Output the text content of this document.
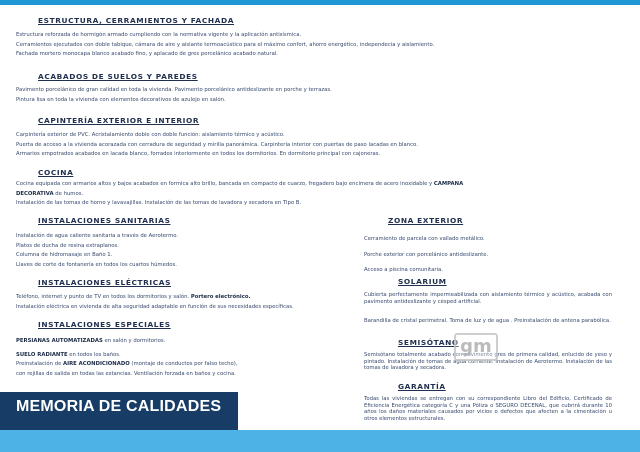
ESTRUCTURA, CERRAMIENTOS Y FACHADA
Estructura reforzada de hormigón armado cumpliendo con la normativa vigente y la aplicación antisísmica.
Cerramientos ejecutados con doble tabique, cámara de aire y aislante termoacústico para el máximo confort, ahorro energético, independecia y aislamiento.
Fachada mortero monocapa blanco acabado fino, y aplacado de gres porcelánico acabado natural.
ACABADOS DE SUELOS Y PAREDES
Pavimento porcelánico de gran calidad en toda la vivienda. Pavimento porcelánico antideslizante en porche y terrazas.
Pintura lisa en toda la vivienda con elementos decorativos de azulejo en salón.
CAPINTERÍA EXTERIOR E INTERIOR
Carpintería exterior de PVC. Acristalamiento doble con doble función: aislamiento térmico y acústico.
Puerta de acceso a la vivienda acorazada con cerradura de seguridad y mirilla panorámica. Carpintería interior con puertas de paso lacadas en blanco.
Armarios empotrados acabados en lacada blanco, forrados interiormente en todos los dormitorios. En dormitorio principal con cajoneras.
COCINA
Cocina equipada con armarios altos y bajos acabados en formica alto brillo, bancada en compacto de cuarzo, fregadero bajo encimera de acero inoxidable y CAMPANA
DECORATIVA de humos.
Instalación de las tomas de horno y lavavajillas. Instalación de las tomas de lavadora y secadora en Tipo B.
INSTALACIONES SANITARIAS
Instalación de agua caliente sanitaria a través de Aerotermo.
Platos de ducha de resina extraplanos.
Columna de hidromasaje en Baño 1.
Llaves de corte de fontanería en todos los cuartos húmedos.
INSTALACIONES ELÉCTRICAS
Teléfono, internet y punto de TV en todos los dormitorios y salón. Portero electrónico.
Instalación eléctrica en vivienda de alta seguridad adaptable en función de sus necesidades específicas.
INSTALACIONES ESPECIALES
PERSIANAS AUTOMATIZADAS en salón y dormitorios.
SUELO RADIANTE en todos los baños.
Preinstalación de AIRE ACONDICIONADO (montaje de conductos por falso techo),
con rejillas de salida en todas las estancias. Ventilación forzada en baños y cocina.
ZONA EXTERIOR
Cerramiento de parcela con vallado metálico.
Porche exterior con porcelánico antideslizante.
Acceso a piscina comunitaria.
SOLARIUM
Cubierta perfectamente impermeabilizada con aislamiento térmico y acústico, acabada con pavimento antideslizante y césped artificial.
Barandilla de cristal perimetral. Toma de luz y de agua . Preinstalación de antena parabólica.
SEMISÓTANO
Semisótano totalmente acabado con pavimento gres de primera calidad, enlucido de yeso y pintado. Instalación de tomas de agua corriente. Instalación de Aerotermo. Instalación de las tomas de lavadora y secadora.
GARANTÍA
Todas las viviendas se entregan con su correspondiente Libro del Edificio, Certificado de Eficiencia Energética categoría C y una Póliza o SEGURO DECENAL, que cubrirá durante 10 años los daños materiales causados por vicios o defectos que afecten a la cimentación u otros elementos estructurales.
gm
MEMORIA DE CALIDADES
